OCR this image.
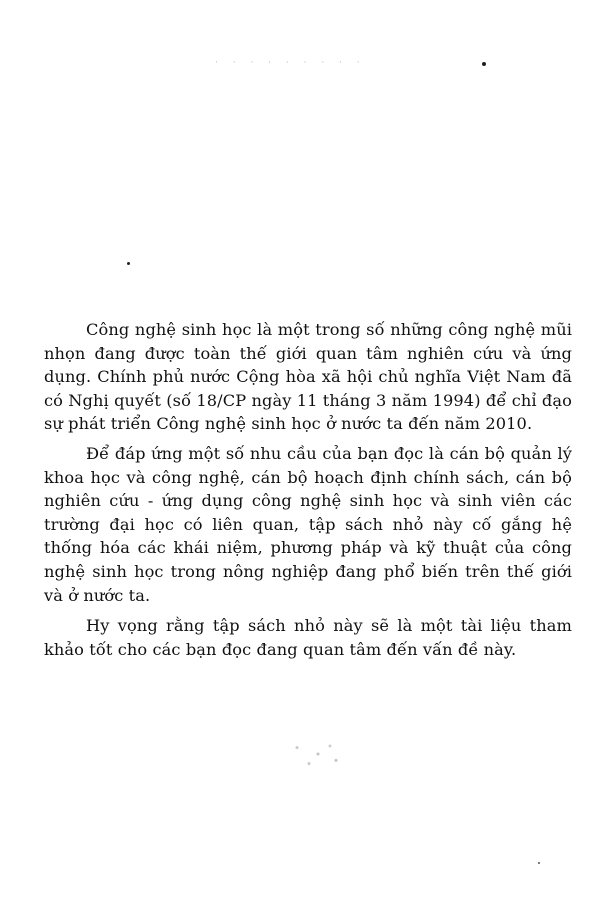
· · · · · · · · ·

Công nghệ sinh học là một trong số những công nghệ mũi nhọn đang được toàn thế giới quan tâm nghiên cứu và ứng dụng. Chính phủ nước Cộng hòa xã hội chủ nghĩa Việt Nam đã có Nghị quyết (số 18/CP ngày 11 tháng 3 năm 1994) để chỉ đạo sự phát triển Công nghệ sinh học ở nước ta đến năm 2010.

Để đáp ứng một số nhu cầu của bạn đọc là cán bộ quản lý khoa học và công nghệ, cán bộ hoạch định chính sách, cán bộ nghiên cứu - ứng dụng công nghệ sinh học và sinh viên các trường đại học có liên quan, tập sách nhỏ này cố gắng hệ thống hóa các khái niệm, phương pháp và kỹ thuật của công nghệ sinh học trong nông nghiệp đang phổ biến trên thế giới và ở nước ta.

Hy vọng rằng tập sách nhỏ này sẽ là một tài liệu tham khảo tốt cho các bạn đọc đang quan tâm đến vấn đề này.
